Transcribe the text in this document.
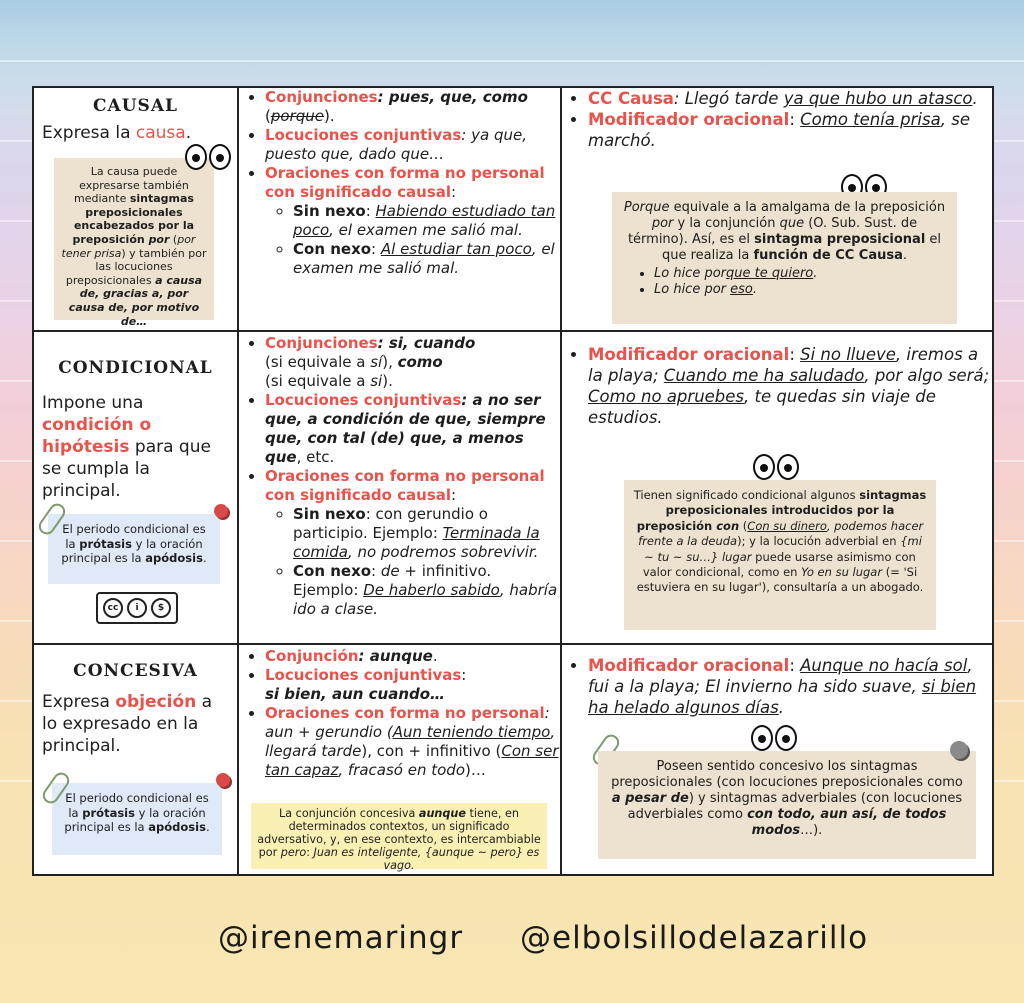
CAUSAL
Expresa la causa.
La causa puede expresarse también mediante sintagmas preposicionales encabezados por la preposición por (por tener prisa) y también por las locuciones preposicionales a causa de, gracias a, por causa de, por motivo de…
• Conjunciones: pues, que, como (porque).
• Locuciones conjuntivas: ya que, puesto que, dado que…
• Oraciones con forma no personal con significado causal:
◦ Sin nexo: Habiendo estudiado tan poco, el examen me salió mal.
◦ Con nexo: Al estudiar tan poco, el examen me salió mal.
• CC Causa: Llegó tarde ya que hubo un atasco.
• Modificador oracional: Como tenía prisa, se marchó.
Porque equivale a la amalgama de la preposición por y la conjunción que (O. Sub. Sust. de término). Así, es el sintagma preposicional el que realiza la función de CC Causa.
• Lo hice porque te quiero.
• Lo hice por eso.
CONDICIONAL
Impone una condición o hipótesis para que se cumpla la principal.
El periodo condicional es la prótasis y la oración principal es la apódosis.
cc	i	$
• Conjunciones: si, cuando
(si equivale a sí), como
(si equivale a si).
• Locuciones conjuntivas: a no ser que, a condición de que, siempre que, con tal (de) que, a menos que, etc.
• Oraciones con forma no personal con significado causal:
◦ Sin nexo: con gerundio o participio. Ejemplo: Terminada la comida, no podremos sobrevivir.
◦ Con nexo: de + infinitivo. Ejemplo: De haberlo sabido, habría ido a clase.
• Modificador oracional: Si no llueve, iremos a la playa; Cuando me ha saludado, por algo será; Como no apruebes, te quedas sin viaje de estudios.
Tienen significado condicional algunos sintagmas preposicionales introducidos por la preposición con (Con su dinero, podemos hacer frente a la deuda); y la locución adverbial en {mi ~ tu ~ su…} lugar puede usarse asimismo con valor condicional, como en Yo en su lugar (= 'Si estuviera en su lugar'), consultaría a un abogado.
CONCESIVA
Expresa objeción a lo expresado en la principal.
El periodo condicional es la prótasis y la oración principal es la apódosis.
• Conjunción: aunque.
• Locuciones conjuntivas:
si bien, aun cuando…
• Oraciones con forma no personal: aun + gerundio (Aun teniendo tiempo, llegará tarde), con + infinitivo (Con ser tan capaz, fracasó en todo)…
La conjunción concesiva aunque tiene, en determinados contextos, un significado adversativo, y, en ese contexto, es intercambiable por pero: Juan es inteligente, {aunque ~ pero} es vago.
• Modificador oracional: Aunque no hacía sol, fui a la playa; El invierno ha sido suave, si bien ha helado algunos días.
Poseen sentido concesivo los sintagmas preposicionales (con locuciones preposicionales como a pesar de) y sintagmas adverbiales (con locuciones adverbiales como con todo, aun así, de todos modos…).
@irenemaringr @elbolsillodelazarillo
